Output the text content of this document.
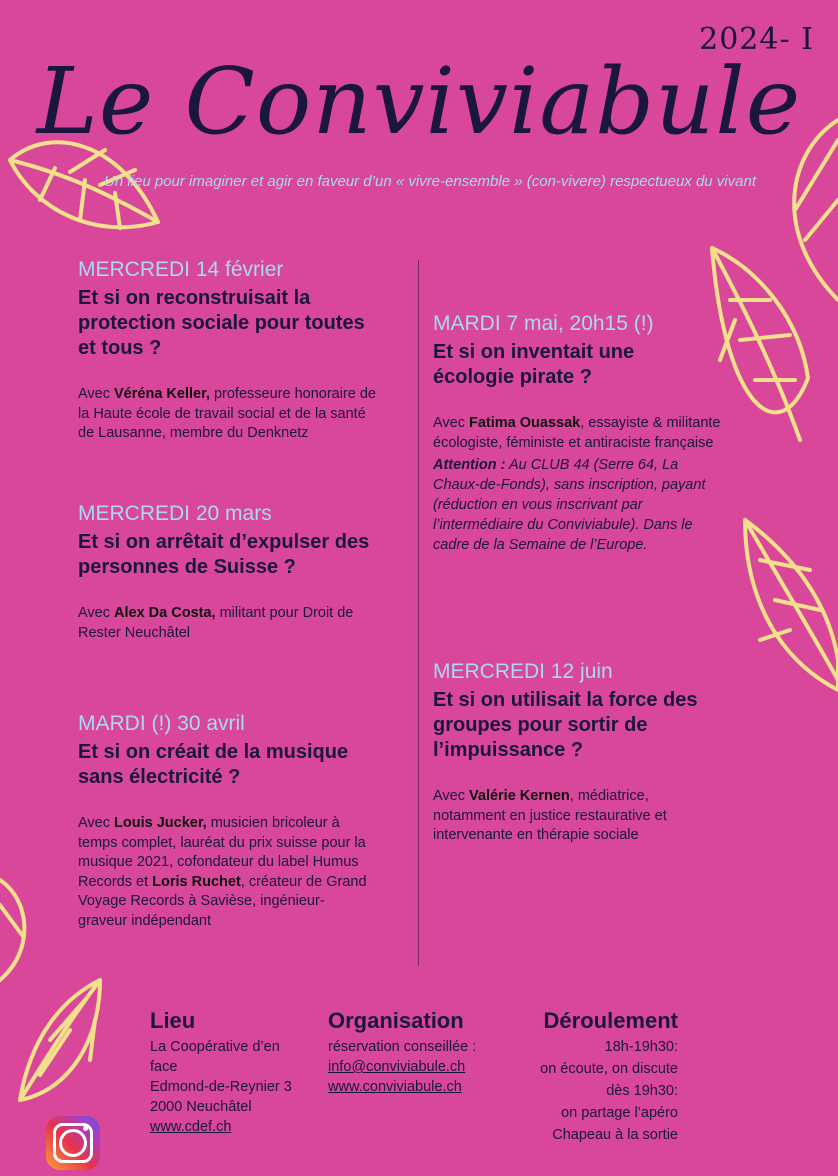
2024- I
Le Conviviabule
Un lieu pour imaginer et agir en faveur d’un « vivre-ensemble » (con-vivere) respectueux du vivant
MERCREDI 14 février
Et si on reconstruisait la protection sociale pour toutes et tous ?
Avec Véréna Keller, professeure honoraire de la Haute école de travail social et de la santé de Lausanne, membre du Denknetz
MERCREDI 20 mars
Et si on arrêtait d’expulser des personnes de Suisse ?
Avec Alex Da Costa, militant pour Droit de Rester Neuchâtel
MARDI (!) 30 avril
Et si on créait de la musique sans électricité ?
Avec Louis Jucker, musicien bricoleur à temps complet, lauréat du prix suisse pour la musique 2021, cofondateur du label Humus Records et Loris Ruchet, créateur de Grand Voyage Records à Savièse, ingénieur-graveur indépendant
MARDI 7 mai, 20h15 (!)
Et si on inventait une écologie pirate ?
Avec Fatima Ouassak, essayiste & militante écologiste, féministe et antiraciste française
Attention : Au CLUB 44 (Serre 64, La Chaux-de-Fonds), sans inscription, payant (réduction en vous inscrivant par l’intermédiaire du Conviviabule). Dans le cadre de la Semaine de l’Europe.
MERCREDI 12 juin
Et si on utilisait la force des groupes pour sortir de l’impuissance ?
Avec Valérie Kernen, médiatrice, notamment en justice restaurative et intervenante en thérapie sociale
Lieu
La Coopérative d’en face
Edmond-de-Reynier 3
2000 Neuchâtel
www.cdef.ch
Organisation
réservation conseillée :
info@conviviabule.ch
www.conviviabule.ch
Déroulement
18h-19h30:
on écoute, on discute
dès 19h30:
on partage l’apéro
Chapeau à la sortie
